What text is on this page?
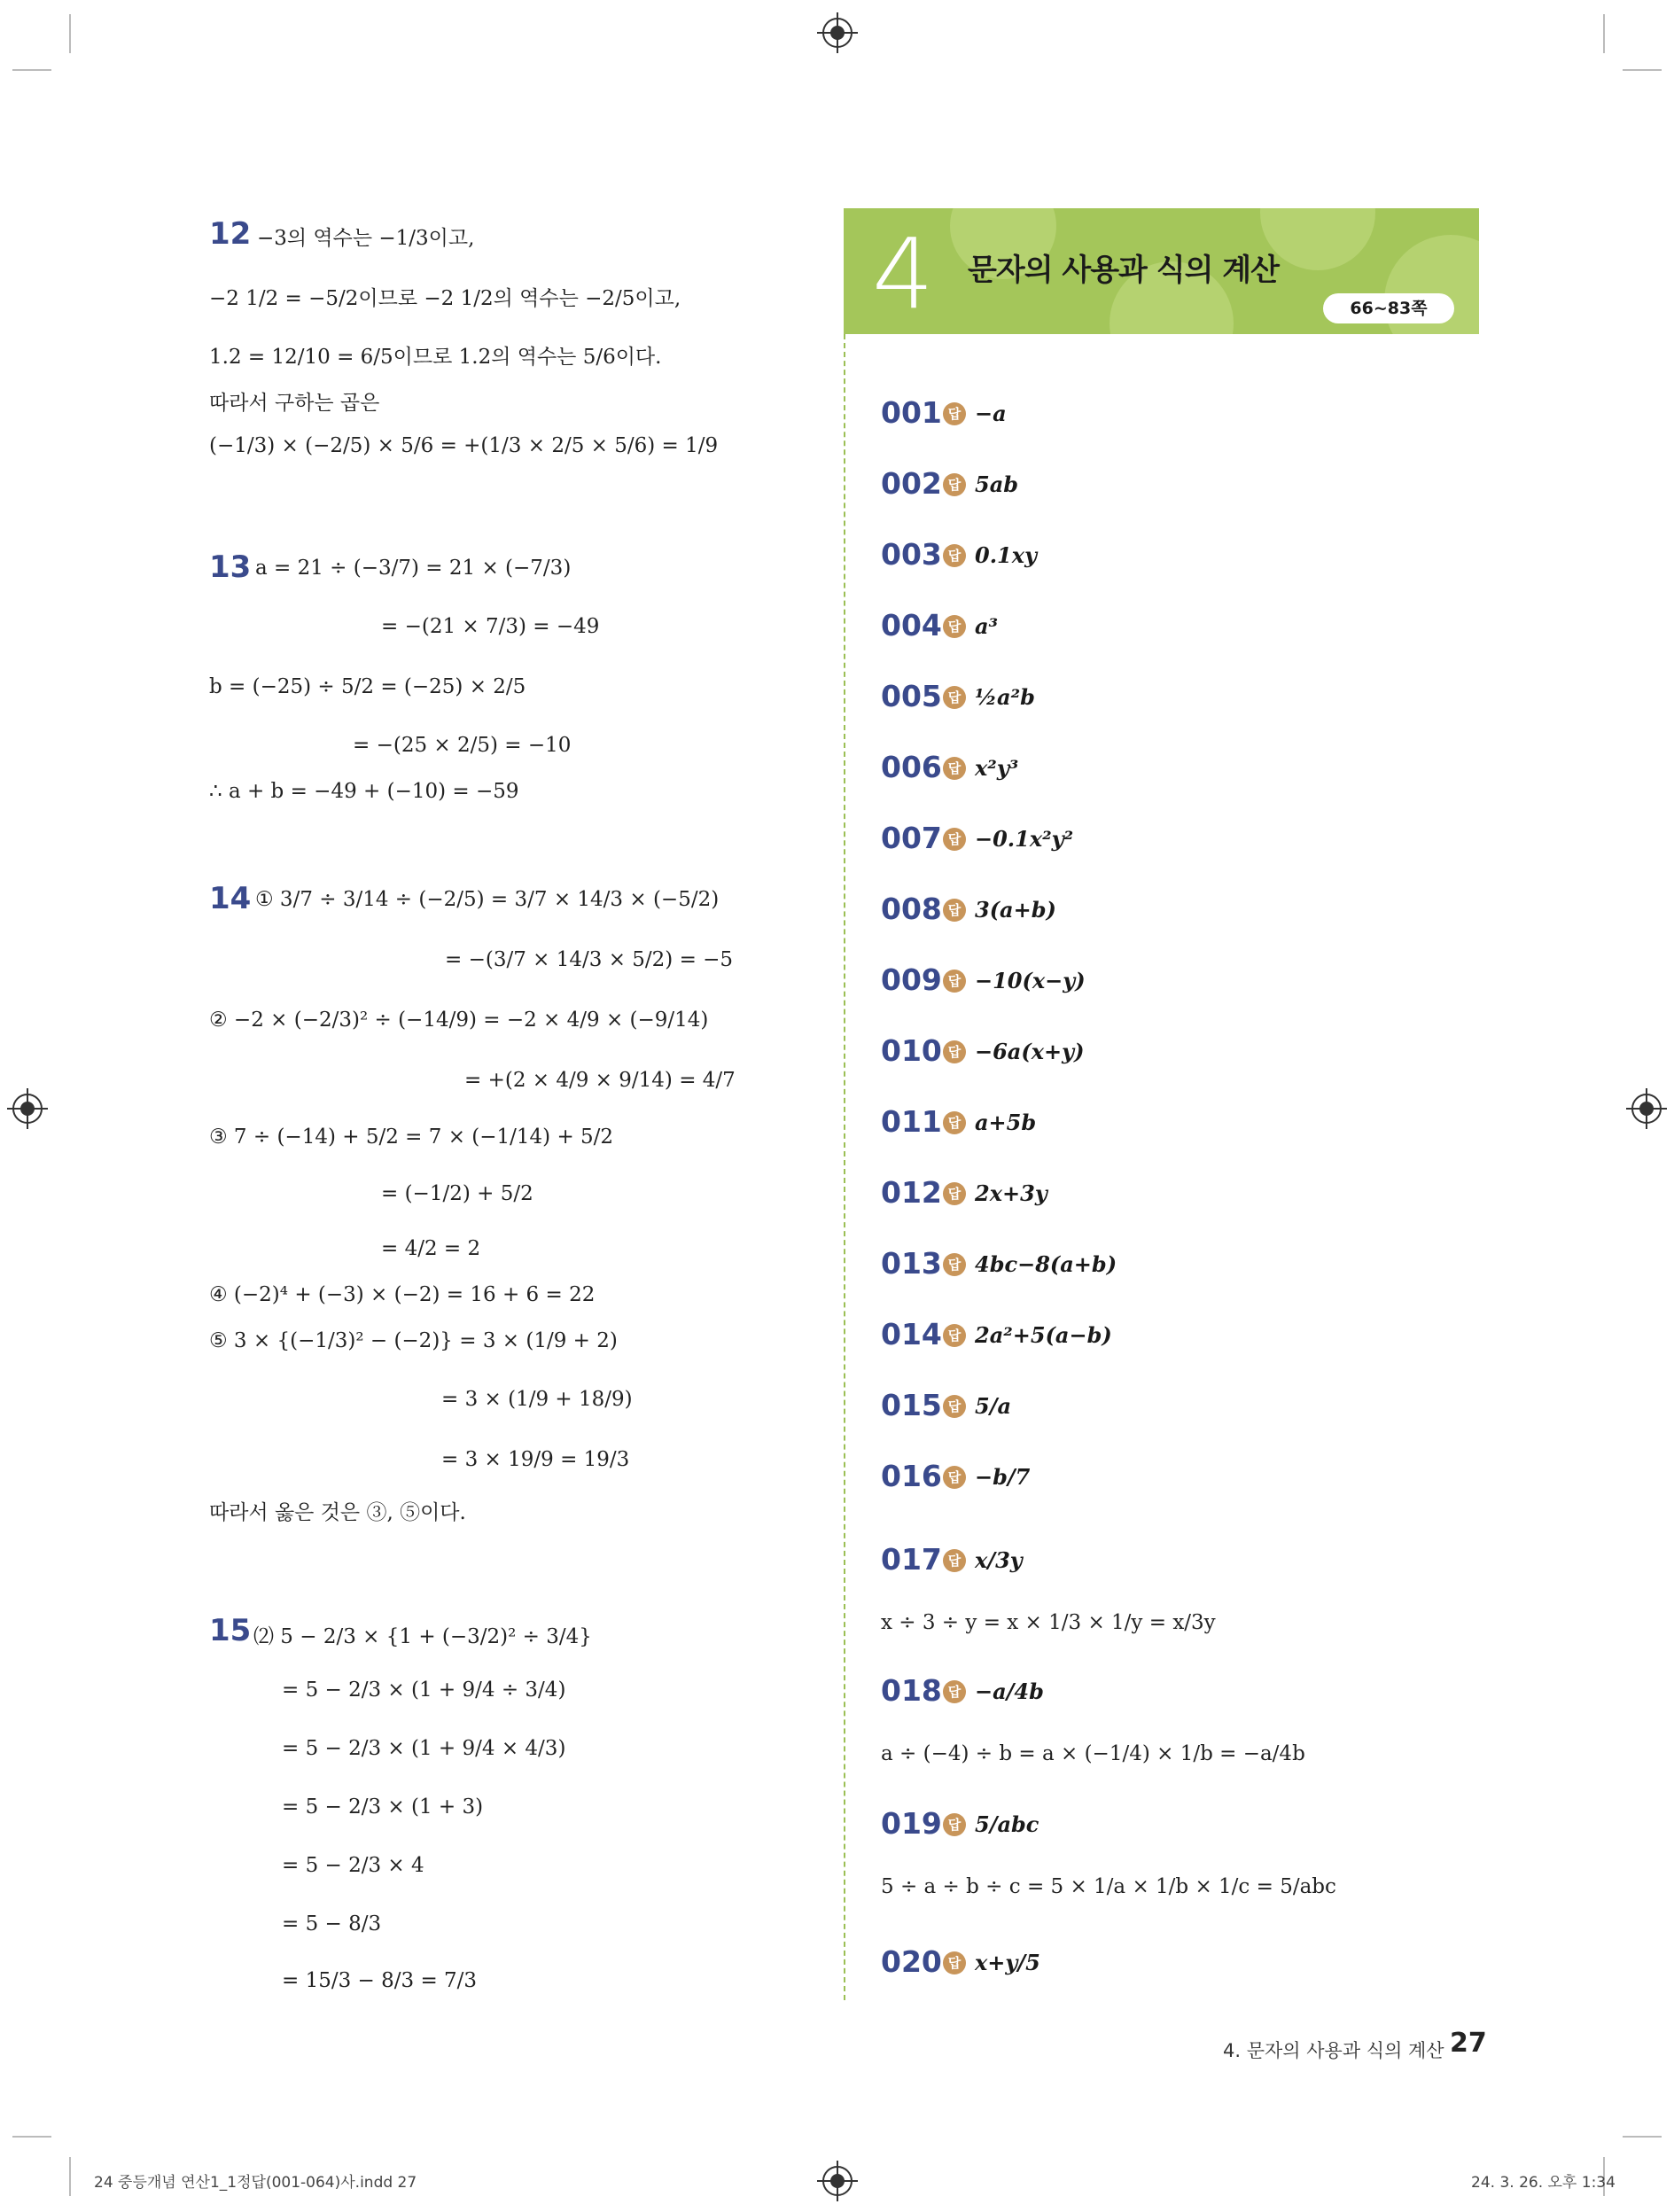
12 −3의 역수는 −1/3이고,
−2 1/2 = −5/2이므로 −2 1/2의 역수는 −2/5이고,
1.2 = 12/10 = 6/5이므로 1.2의 역수는 5/6이다.
따라서 구하는 곱은
(−1/3) × (−2/5) × 5/6 = +(1/3 × 2/5 × 5/6) = 1/9
13 a = 21 ÷ (−3/7) = 21 × (−7/3)
= −(21 × 7/3) = −49
b = (−25) ÷ 5/2 = (−25) × 2/5
= −(25 × 2/5) = −10
∴ a + b = −49 + (−10) = −59
14 ① 3/7 ÷ 3/14 ÷ (−2/5) = 3/7 × 14/3 × (−5/2)
= −(3/7 × 14/3 × 5/2) = −5
② −2 × (−2/3)² ÷ (−14/9) = −2 × 4/9 × (−9/14)
= +(2 × 4/9 × 9/14) = 4/7
③ 7 ÷ (−14) + 5/2 = 7 × (−1/14) + 5/2
= (−1/2) + 5/2
= 4/2 = 2
④ (−2)⁴ + (−3) × (−2) = 16 + 6 = 22
⑤ 3 × {(−1/3)² − (−2)} = 3 × (1/9 + 2)
= 3 × (1/9 + 18/9)
= 3 × 19/9 = 19/3
따라서 옳은 것은 ③, ⑤이다.
15 ⑵ 5 − 2/3 × {1 + (−3/2)² ÷ 3/4}
= 5 − 2/3 × (1 + 9/4 ÷ 3/4)
= 5 − 2/3 × (1 + 9/4 × 4/3)
= 5 − 2/3 × (1 + 3)
= 5 − 2/3 × 4
= 5 − 8/3
= 15/3 − 8/3 = 7/3
4 문자의 사용과 식의 계산
66~83쪽
001 답 −a
002 답 5ab
003 답 0.1xy
004 답 a³
005 답 ½a²b
006 답 x²y³
007 답 −0.1x²y²
008 답 3(a+b)
009 답 −10(x−y)
010 답 −6a(x+y)
011 답 a+5b
012 답 2x+3y
013 답 4bc−8(a+b)
014 답 2a²+5(a−b)
015 답 5/a
016 답 −b/7
017 답 x/3y
x ÷ 3 ÷ y = x × 1/3 × 1/y = x/3y
018 답 −a/4b
a ÷ (−4) ÷ b = a × (−1/4) × 1/b = −a/4b
019 답 5/abc
5 ÷ a ÷ b ÷ c = 5 × 1/a × 1/b × 1/c = 5/abc
020 답 x+y/5
4. 문자의 사용과 식의 계산 27
24 중등개념 연산1_1정답(001-064)사.indd 27	24. 3. 26. 오후 1:34
